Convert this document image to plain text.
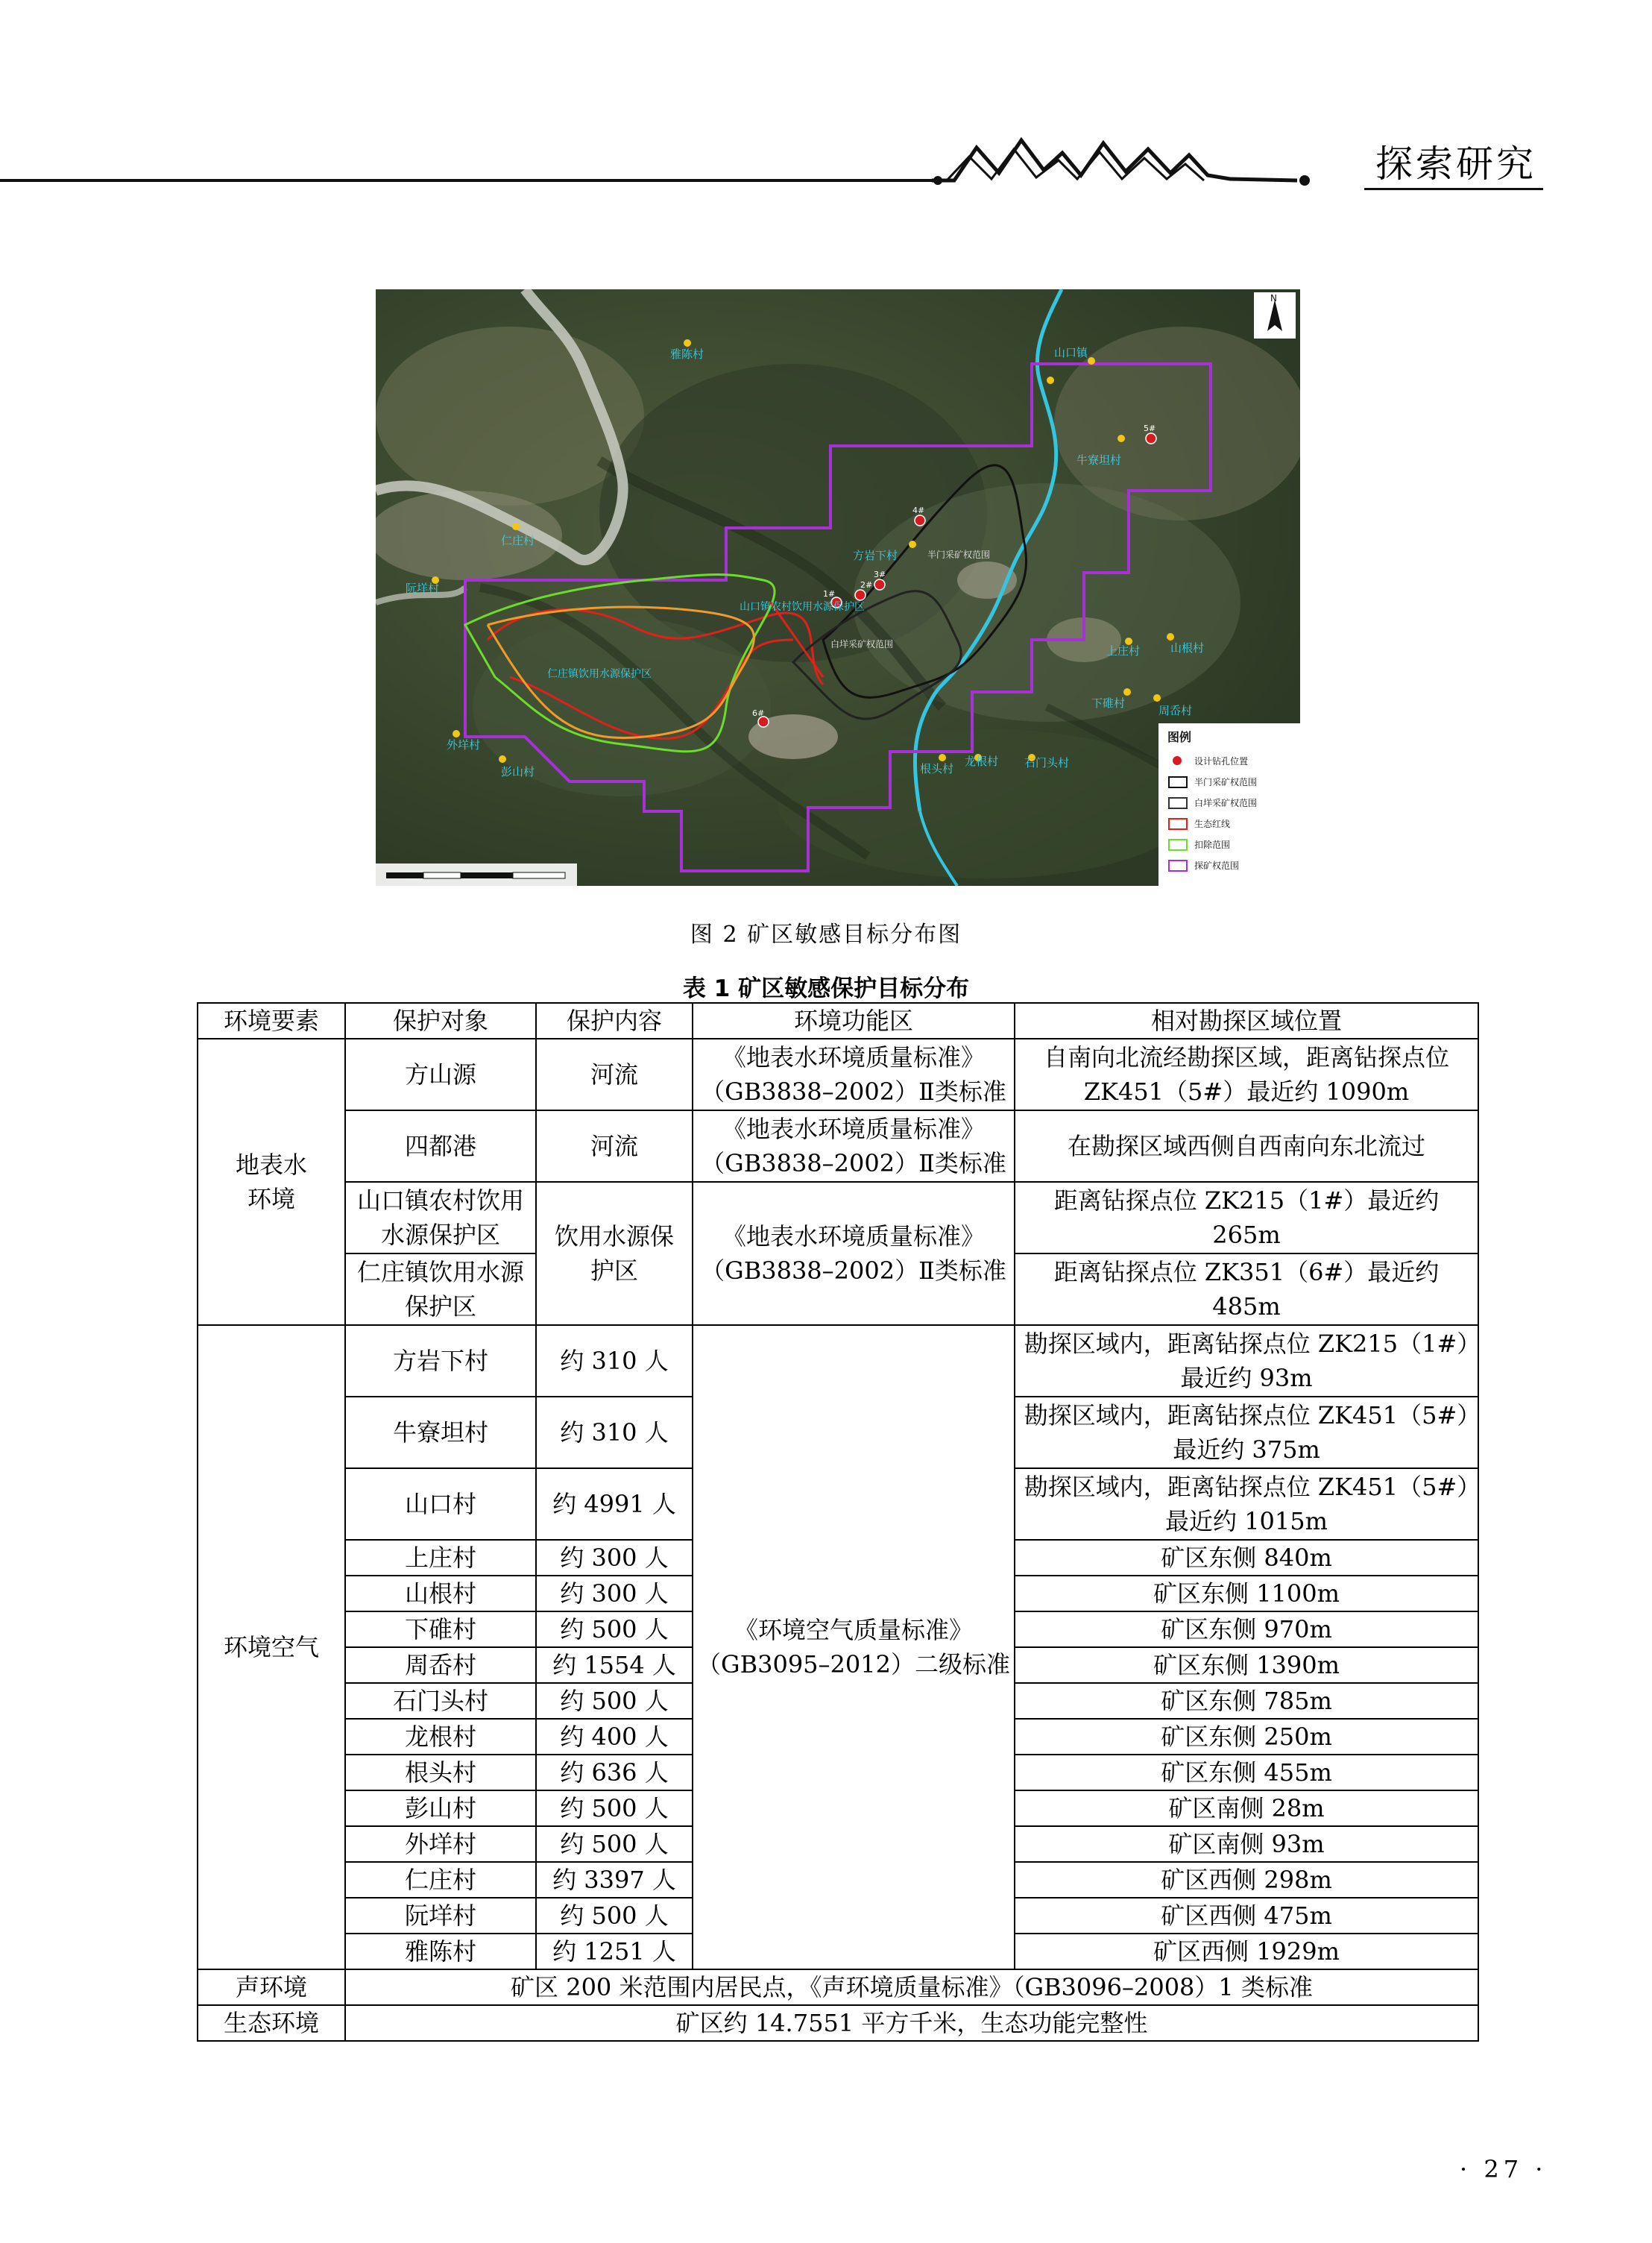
探索研究
1#
2#
3#
4#
5#
6#
雅陈村	山口镇
牛寮坦村
仁庄村
方岩下村
上庄村	山根村
下碓村
周岙村
外垟村
彭山村	根头村
龙根村 石门头村
阮垟村
山口镇农村饮用水源保护区
仁庄镇饮用水源保护区
半门采矿权范围
白垟采矿权范围
N
图例
设计钻孔位置
半门采矿权范围
白垟采矿权范围
生态红线
扣除范围
探矿权范围
图 2 矿区敏感目标分布图
表 1 矿区敏感保护目标分布
环境要素	保护对象	保护内容	环境功能区	相对勘探区域位置
地表水环境	方山源	河流	《地表水环境质量标准》（GB3838–2002）Ⅱ类标准	自南向北流经勘探区域，距离钻探点位ZK451（5#）最近约 1090m
	四都港	河流	《地表水环境质量标准》（GB3838–2002）Ⅱ类标准	在勘探区域西侧自西南向东北流过
	山口镇农村饮用水源保护区	饮用水源保护区	《地表水环境质量标准》（GB3838–2002）Ⅱ类标准	距离钻探点位 ZK215（1#）最近约 265m
	仁庄镇饮用水源保护区			距离钻探点位 ZK351（6#）最近约 485m
环境空气	方岩下村	约 310 人	《环境空气质量标准》（GB3095–2012）二级标准	勘探区域内，距离钻探点位 ZK215（1#）最近约 93m
	牛寮坦村	约 310 人		勘探区域内，距离钻探点位 ZK451（5#）最近约 375m
	山口村	约 4991 人		勘探区域内，距离钻探点位 ZK451（5#）最近约 1015m
	上庄村	约 300 人		矿区东侧 840m
	山根村	约 300 人		矿区东侧 1100m
	下碓村	约 500 人		矿区东侧 970m
	周岙村	约 1554 人		矿区东侧 1390m
	石门头村	约 500 人		矿区东侧 785m
	龙根村	约 400 人		矿区东侧 250m
	根头村	约 636 人		矿区东侧 455m
	彭山村	约 500 人		矿区南侧 28m
	外垟村	约 500 人		矿区南侧 93m
	仁庄村	约 3397 人		矿区西侧 298m
	阮垟村	约 500 人		矿区西侧 475m
	雅陈村	约 1251 人		矿区西侧 1929m
声环境	矿区 200 米范围内居民点，《声环境质量标准》（GB3096–2008）1 类标准			
生态环境	矿区约 14.7551 平方千米，生态功能完整性			
· 27 ·
